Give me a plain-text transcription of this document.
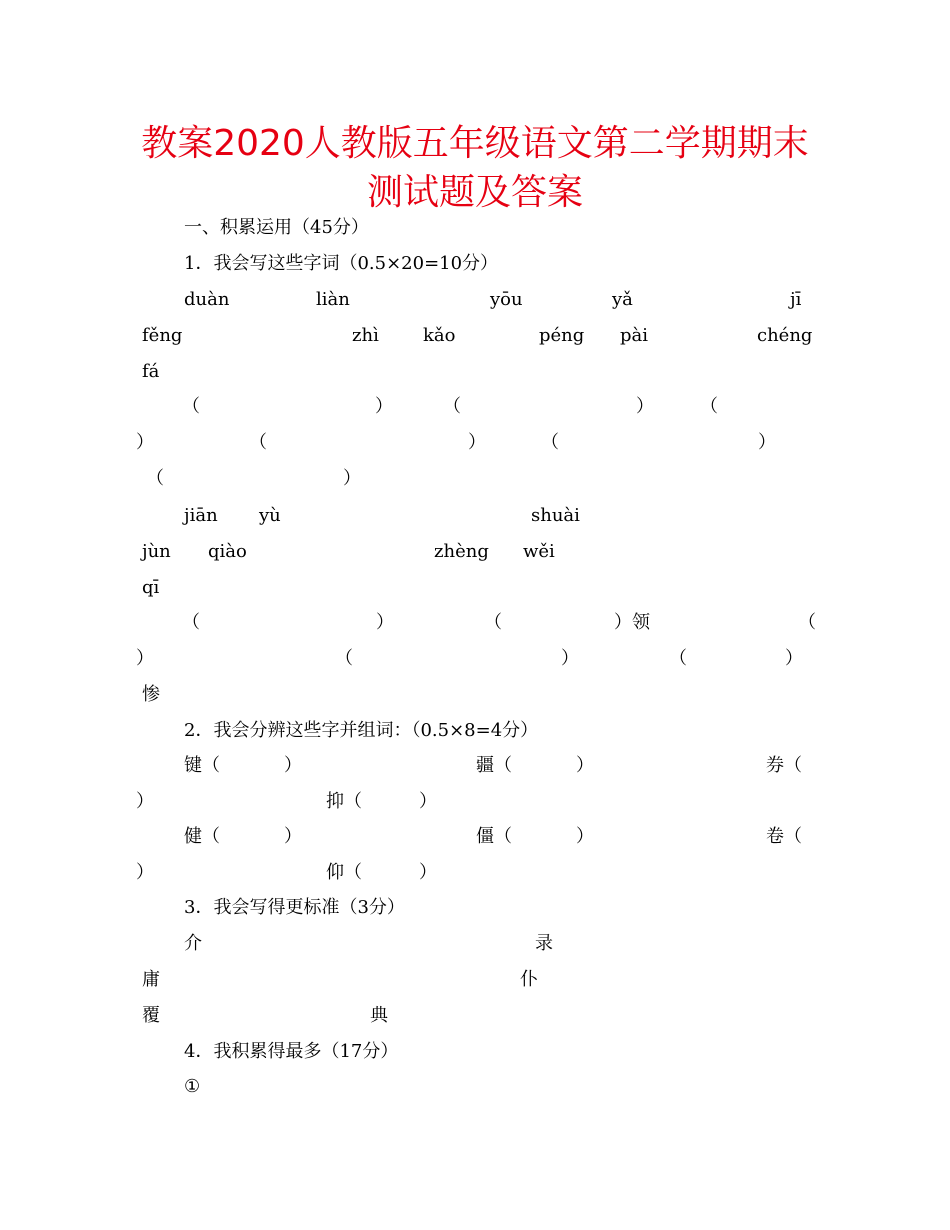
教案2020人教版五年级语文第二学期期末
测试题及答案
一、积累运用（45分）
1．我会写这些字词（0.5×20=10分）
duàn	liàn	yōu	yǎ	jī
fěng	zhì kǎo	péng pài	chéng
fá
（	）	（	）	（
）	（	）	（	）
（	）
jiān yù	shuài
jùn qiào	zhèng wěi
qī
（	）	（	）领	（
）	（	）	（	）
惨
2．我会分辨这些字并组词：（0.5×8=4分）
键（	）	疆（	）	券（
）	抑（	）
健（	）	僵（	）	卷（
）	仰（	）
3．我会写得更标准（3分）
介	录
庸	仆
覆	典
4．我积累得最多（17分）
①
